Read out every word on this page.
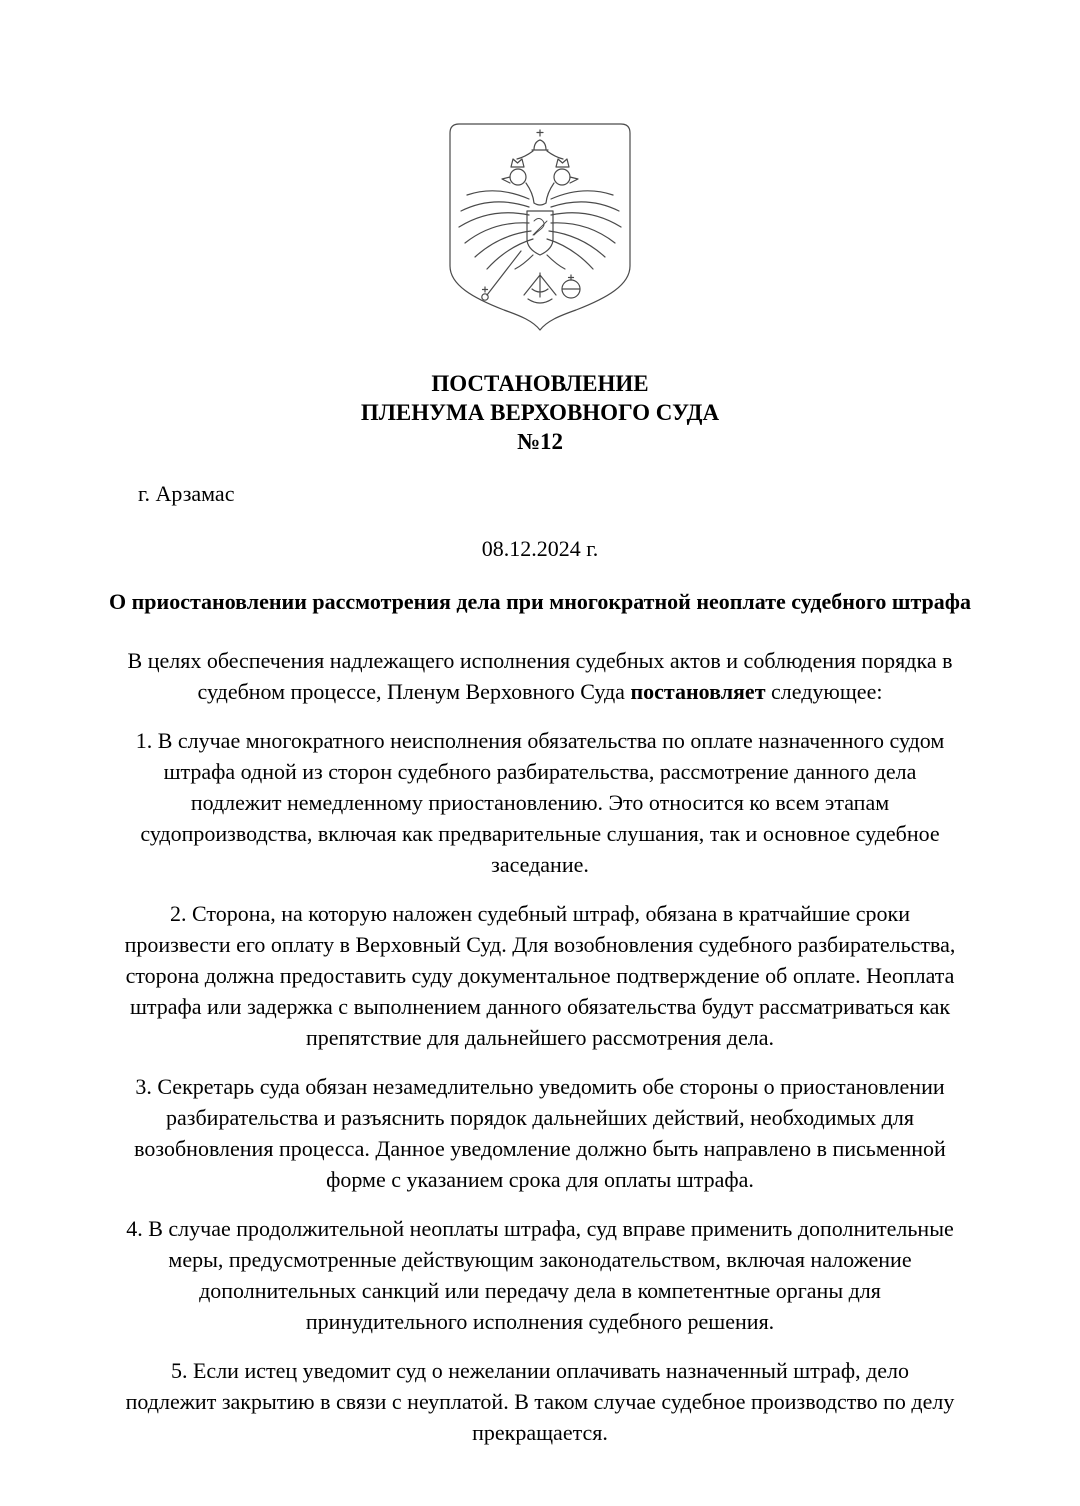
ПОСТАНОВЛЕНИЕ
ПЛЕНУМА ВЕРХОВНОГО СУДА
№12
г. Арзамас
08.12.2024 г.
О приостановлении рассмотрения дела при многократной неоплате судебного штрафа
В целях обеспечения надлежащего исполнения судебных актов и соблюдения порядка в судебном процессе, Пленум Верховного Суда постановляет следующее:
1. В случае многократного неисполнения обязательства по оплате назначенного судом штрафа одной из сторон судебного разбирательства, рассмотрение данного дела подлежит немедленному приостановлению. Это относится ко всем этапам судопроизводства, включая как предварительные слушания, так и основное судебное заседание.
2. Сторона, на которую наложен судебный штраф, обязана в кратчайшие сроки произвести его оплату в Верховный Суд. Для возобновления судебного разбирательства, сторона должна предоставить суду документальное подтверждение об оплате. Неоплата штрафа или задержка с выполнением данного обязательства будут рассматриваться как препятствие для дальнейшего рассмотрения дела.
3. Секретарь суда обязан незамедлительно уведомить обе стороны о приостановлении разбирательства и разъяснить порядок дальнейших действий, необходимых для возобновления процесса. Данное уведомление должно быть направлено в письменной форме с указанием срока для оплаты штрафа.
4. В случае продолжительной неоплаты штрафа, суд вправе применить дополнительные меры, предусмотренные действующим законодательством, включая наложение дополнительных санкций или передачу дела в компетентные органы для принудительного исполнения судебного решения.
5. Если истец уведомит суд о нежелании оплачивать назначенный штраф, дело подлежит закрытию в связи с неуплатой. В таком случае судебное производство по делу прекращается.
